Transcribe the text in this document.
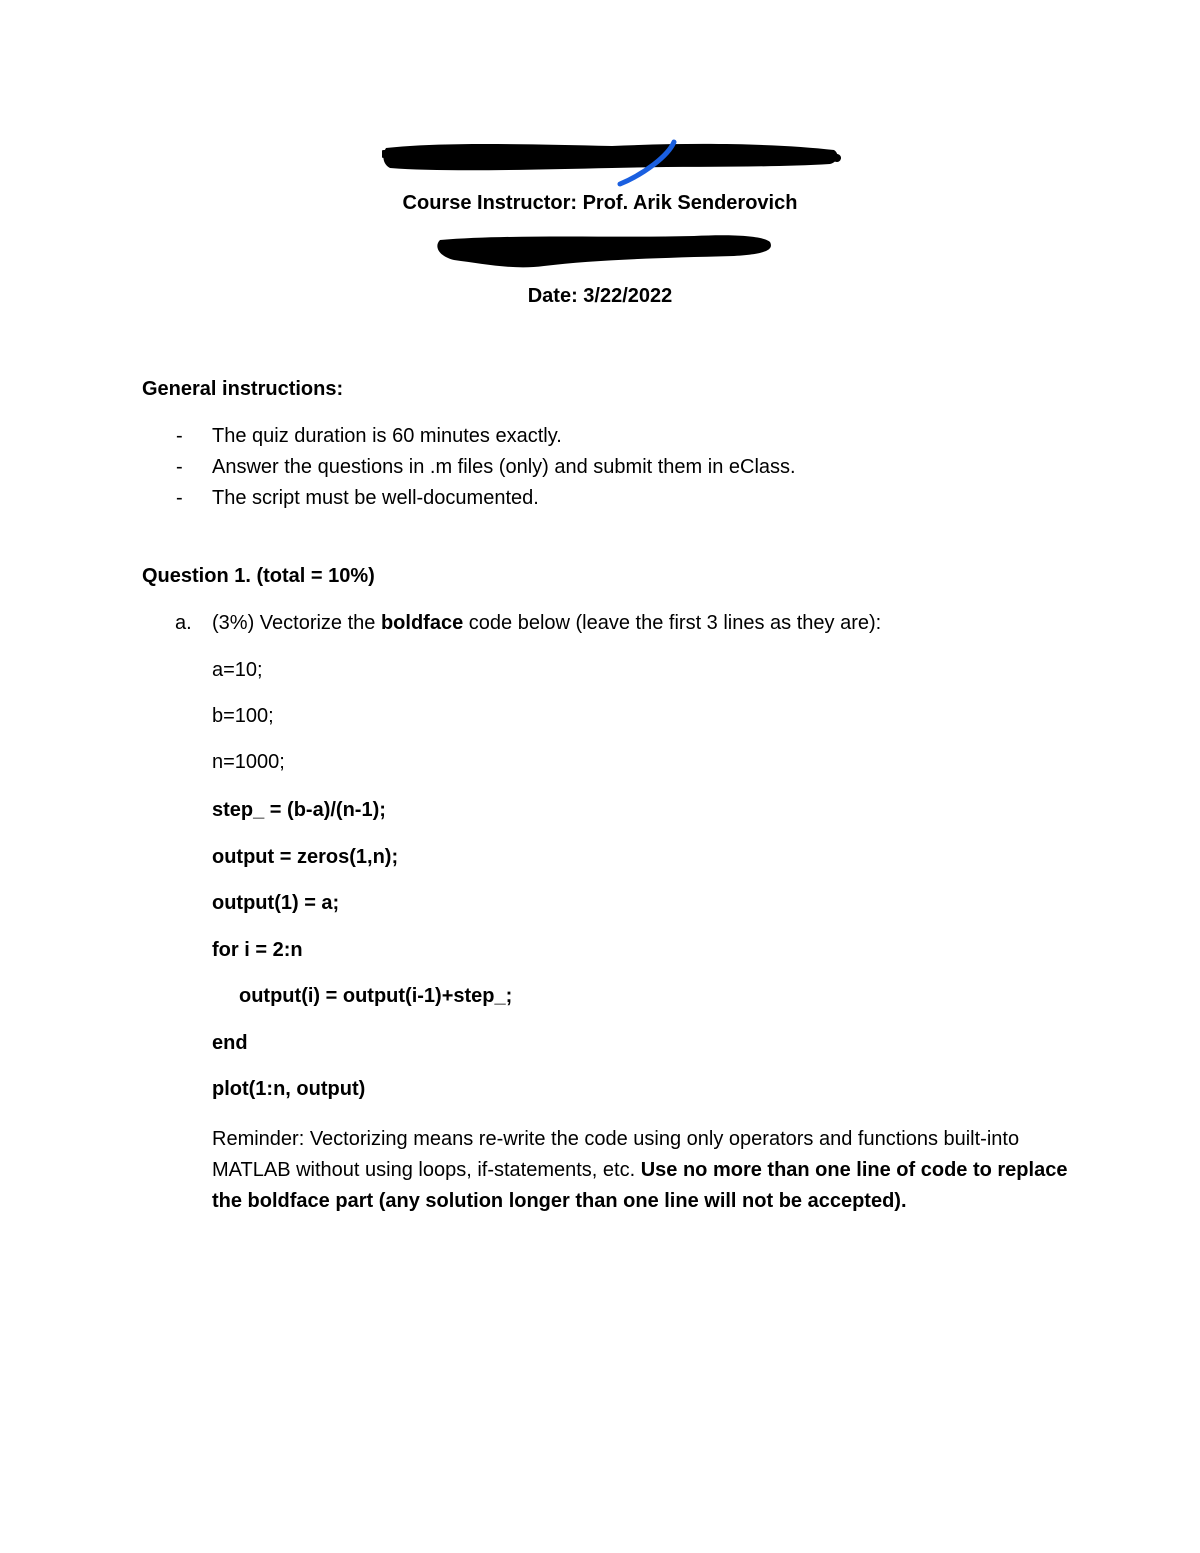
Course Instructor: Prof. Arik Senderovich
Date: 3/22/2022
General instructions:
- The quiz duration is 60 minutes exactly.
- Answer the questions in .m files (only) and submit them in eClass.
- The script must be well-documented.
Question 1. (total = 10%)
a. (3%) Vectorize the boldface code below (leave the first 3 lines as they are):
a=10;
b=100;
n=1000;
step_ = (b-a)/(n-1);
output = zeros(1,n);
output(1) = a;
for i = 2:n
output(i) = output(i-1)+step_;
end
plot(1:n, output)
Reminder: Vectorizing means re-write the code using only operators and functions built-into MATLAB without using loops, if-statements, etc. Use no more than one line of code to replace the boldface part (any solution longer than one line will not be accepted).
